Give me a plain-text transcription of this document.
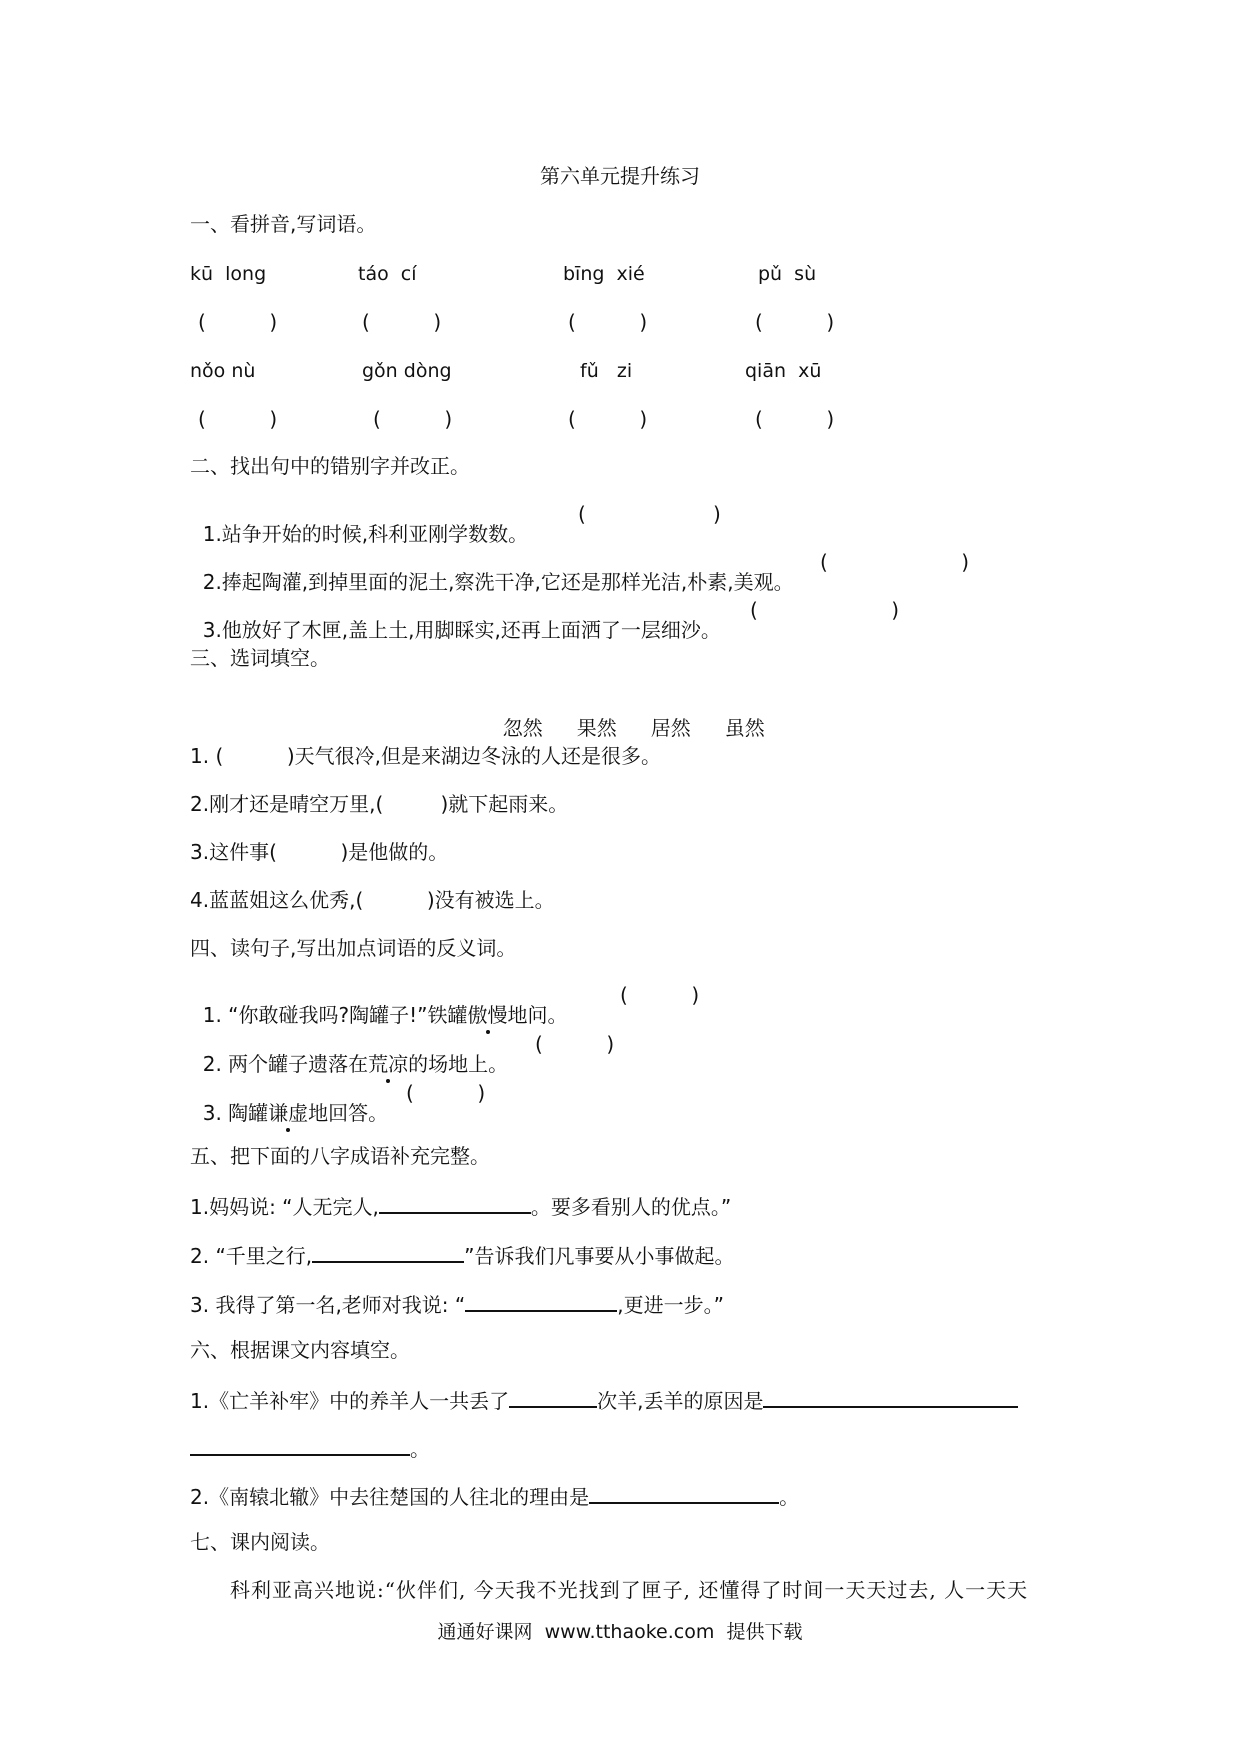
第六单元提升练习
一、看拼音,写词语。
kū  long	táo  cí	bīng  xié	pǔ  sù
(          )	(          )	(          )	(          )
nǒo nù	gǒn dòng	fǔ   zi	qiān  xū
(          )	(          )	(          )	(          )
二、找出句中的错别字并改正。

1.站争开始的时候,科利亚刚学数数。

(                    )

2.捧起陶灌,到掉里面的泥土,察洗干净,它还是那样光洁,朴素,美观。

(                     )

3.他放好了木匣,盖上土,用脚睬实,还再上面洒了一层细沙。

(                     )

三、选词填空。

忽然 果然 居然 虽然

1. (	)天气很冷,但是来湖边冬泳的人还是很多。
2.刚才还是晴空万里,(	)就下起雨来。
3.这件事(	)是他做的。
4.蓝蓝姐这么优秀,(	)没有被选上。
四、读句子,写出加点词语的反义词。

1. “你敢碰我吗?陶罐子!”铁罐傲慢地问。

(          )

2. 两个罐子遗落在荒凉的场地上。

(          )

3. 陶罐谦虚地回答。

(          )

五、把下面的八字成语补充完整。
1.妈妈说: “人无完人,	。要多看别人的优点。”
2. “千里之行,	”告诉我们凡事要从小事做起。
3. 我得了第一名,老师对我说: “	,更进一步。”
六、根据课文内容填空。
1.《亡羊补牢》中的养羊人一共丢了	次羊,丢羊的原因是
。
2.《南辕北辙》中去往楚国的人往北的理由是	。
七、课内阅读。
科利亚高兴地说:“伙伴们, 今天我不光找到了匣子, 还懂得了时间一天天过去, 人一天天
通通好课网  www.tthaoke.com  提供下载
